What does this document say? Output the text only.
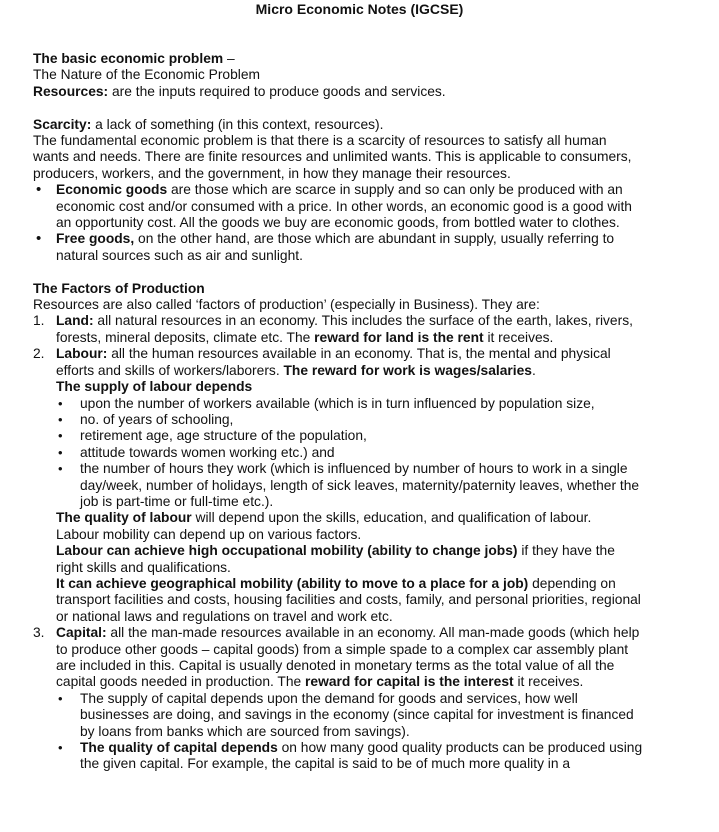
Micro Economic Notes (IGCSE)

The basic economic problem –

The Nature of the Economic Problem

Resources: are the inputs required to produce goods and services.

Scarcity: a lack of something (in this context, resources).

The fundamental economic problem is that there is a scarcity of resources to satisfy all human wants and needs. There are finite resources and unlimited wants. This is applicable to consumers, producers, workers, and the government, in how they manage their resources.

• Economic goods are those which are scarce in supply and so can only be produced with an economic cost and/or consumed with a price. In other words, an economic good is a good with an opportunity cost. All the goods we buy are economic goods, from bottled water to clothes.
• Free goods, on the other hand, are those which are abundant in supply, usually referring to natural sources such as air and sunlight.

The Factors of Production

Resources are also called ‘factors of production’ (especially in Business). They are:

1. Land: all natural resources in an economy. This includes the surface of the earth, lakes, rivers, forests, mineral deposits, climate etc. The reward for land is the rent it receives.
2. Labour: all the human resources available in an economy. That is, the mental and physical efforts and skills of workers/laborers. The reward for work is wages/salaries.

The supply of labour depends

• upon the number of workers available (which is in turn influenced by population size,
• no. of years of schooling,
• retirement age, age structure of the population,
• attitude towards women working etc.) and
• the number of hours they work (which is influenced by number of hours to work in a single day/week, number of holidays, length of sick leaves, maternity/paternity leaves, whether the job is part-time or full-time etc.).

The quality of labour will depend upon the skills, education, and qualification of labour.

Labour mobility can depend up on various factors.

Labour can achieve high occupational mobility (ability to change jobs) if they have the right skills and qualifications.

It can achieve geographical mobility (ability to move to a place for a job) depending on transport facilities and costs, housing facilities and costs, family, and personal priorities, regional or national laws and regulations on travel and work etc.

3. Capital: all the man-made resources available in an economy. All man-made goods (which help to produce other goods – capital goods) from a simple spade to a complex car assembly plant are included in this. Capital is usually denoted in monetary terms as the total value of all the capital goods needed in production. The reward for capital is the interest it receives.
• The supply of capital depends upon the demand for goods and services, how well businesses are doing, and savings in the economy (since capital for investment is financed by loans from banks which are sourced from savings).
• The quality of capital depends on how many good quality products can be produced using the given capital. For example, the capital is said to be of much more quality in a
